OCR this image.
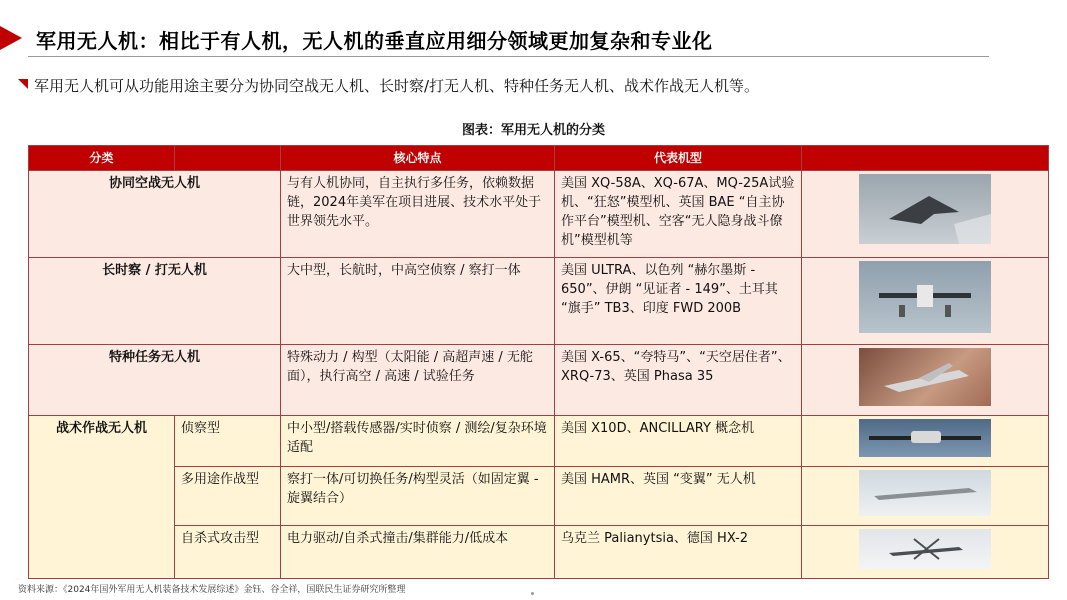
军用无人机：相比于有人机，无人机的垂直应用细分领域更加复杂和专业化
军用无人机可从功能用途主要分为协同空战无人机、长时察/打无人机、特种任务无人机、战术作战无人机等。
图表：军用无人机的分类
分类		核心特点	代表机型	
协同空战无人机		与有人机协同，自主执行多任务，依赖数据链，2024年美军在项目进展、技术水平处于世界领先水平。	美国 XQ-58A、XQ-67A、MQ-25A试验机、“狂怒”模型机、英国 BAE “自主协作平台”模型机、空客“无人隐身战斗僚机”模型机等	
长时察 / 打无人机		大中型，长航时，中高空侦察 / 察打一体	美国 ULTRA、以色列 “赫尔墨斯 - 650”、伊朗 “见证者 - 149”、土耳其 “旗手” TB3、印度 FWD 200B	
特种任务无人机		特殊动力 / 构型（太阳能 / 高超声速 / 无舵面），执行高空 / 高速 / 试验任务	美国 X-65、“夸特马”、“天空居住者”、XRQ-73、英国 Phasa 35	
战术作战无人机	侦察型	中小型/搭载传感器/实时侦察 / 测绘/复杂环境适配	美国 X10D、ANCILLARY 概念机	
	多用途作战型	察打一体/可切换任务/构型灵活（如固定翼 - 旋翼结合）	美国 HAMR、英国 “变翼” 无人机	
	自杀式攻击型	电力驱动/自杀式撞击/集群能力/低成本	乌克兰 Palianytsia、德国 HX-2	
资料来源：《2024年国外军用无人机装备技术发展综述》金钰、谷全祥，国联民生证券研究所整理
